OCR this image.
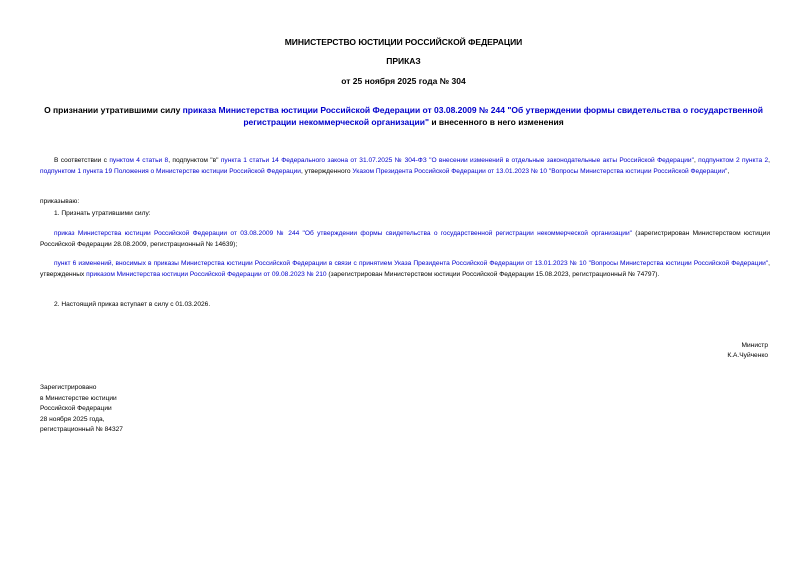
МИНИСТЕРСТВО ЮСТИЦИИ РОССИЙСКОЙ ФЕДЕРАЦИИ
ПРИКАЗ
от 25 ноября 2025 года № 304
О признании утратившими силу приказа Министерства юстиции Российской Федерации от 03.08.2009 № 244 "Об утверждении формы свидетельства о государственной регистрации некоммерческой организации" и внесенного в него изменения
В соответствии с пунктом 4 статьи 8, подпунктом "в" пункта 1 статьи 14 Федерального закона от 31.07.2025 № 304-ФЗ "О внесении изменений в отдельные законодательные акты Российской Федерации", подпунктом 2 пункта 2, подпунктом 1 пункта 19 Положения о Министерстве юстиции Российской Федерации, утвержденного Указом Президента Российской Федерации от 13.01.2023 № 10 "Вопросы Министерства юстиции Российской Федерации",
приказываю:
1. Признать утратившими силу:
приказ Министерства юстиции Российской Федерации от 03.08.2009 № 244 "Об утверждении формы свидетельства о государственной регистрации некоммерческой организации" (зарегистрирован Министерством юстиции Российской Федерации 28.08.2009, регистрационный № 14639);
пункт 6 изменений, вносимых в приказы Министерства юстиции Российской Федерации в связи с принятием Указа Президента Российской Федерации от 13.01.2023 № 10 "Вопросы Министерства юстиции Российской Федерации", утвержденных приказом Министерства юстиции Российской Федерации от 09.08.2023 № 210 (зарегистрирован Министерством юстиции Российской Федерации 15.08.2023, регистрационный № 74797).
2. Настоящий приказ вступает в силу с 01.03.2026.
Министр
К.А.Чуйченко
Зарегистрировано
в Министерстве юстиции
Российской Федерации
28 ноября 2025 года,
регистрационный № 84327
